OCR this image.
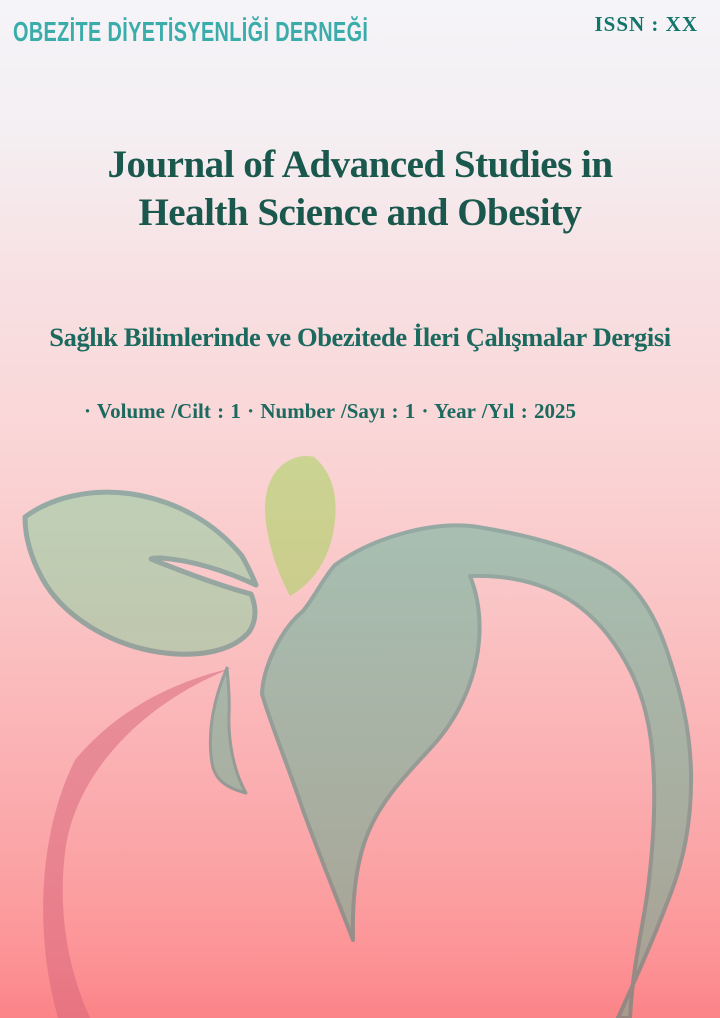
OBEZİTE DİYETİSYENLİĞİ DERNEĞİ	ISSN : XX
Journal of Advanced Studies in
Health Science and Obesity
Sağlık Bilimlerinde ve Obezitede İleri Çalışmalar Dergisi
· Volume /Cilt : 1 · Number /Sayı : 1 · Year /Yıl : 2025
